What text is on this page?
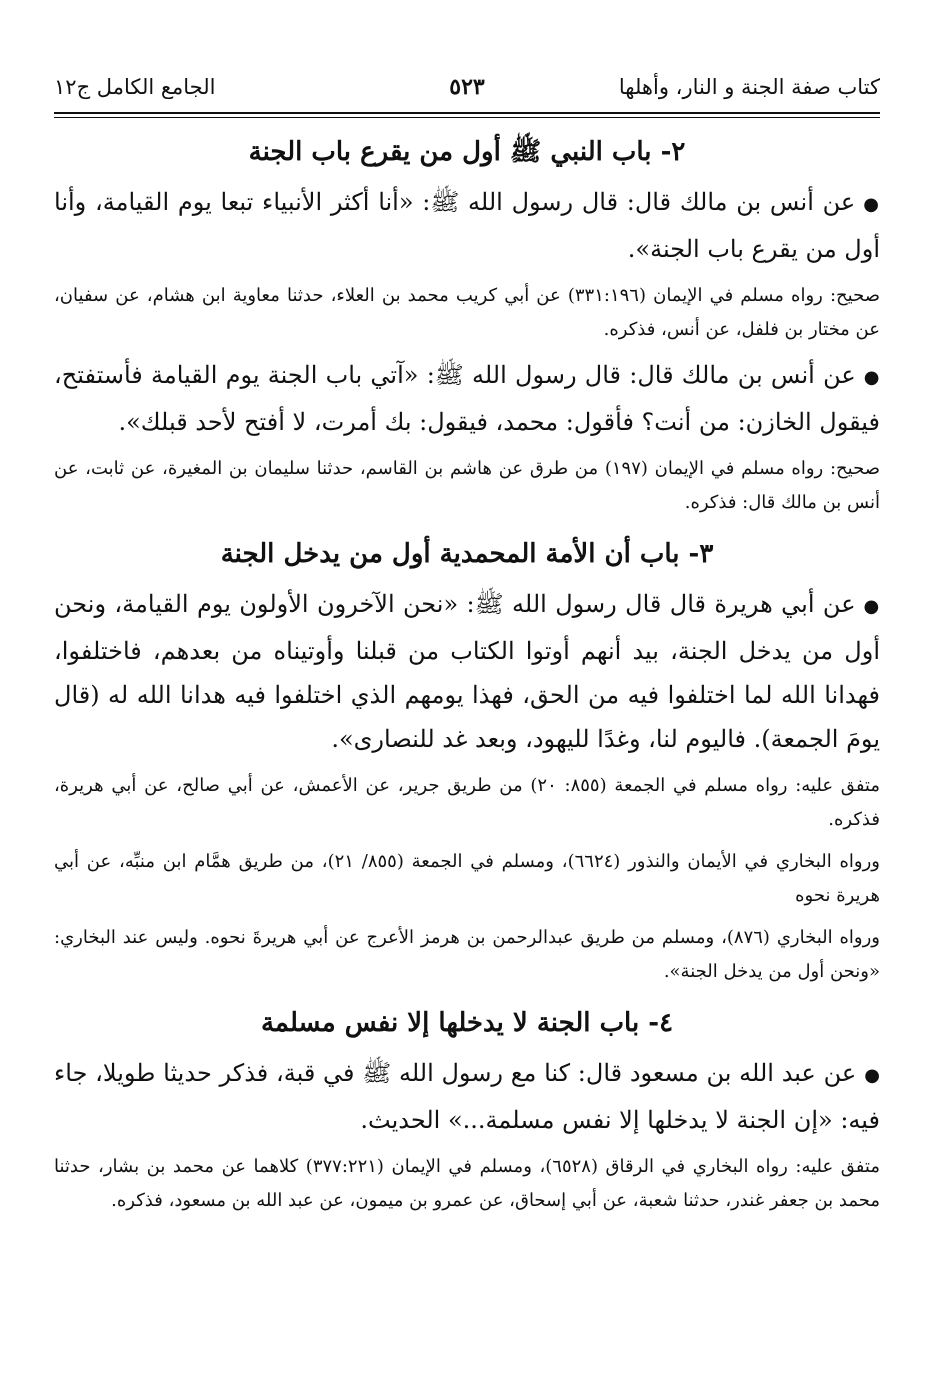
كتاب صفة الجنة و النار، وأهلها
٥٢٣
الجامع الكامل ج١٢
٢- باب النبي ﷺ أول من يقرع باب الجنة

●عن أنس بن مالك قال: قال رسول الله ﷺ: «أنا أكثر الأنبياء تبعا يوم القيامة، وأنا أول من يقرع باب الجنة».

صحيح: رواه مسلم في الإيمان (٣٣١:١٩٦) عن أبي كريب محمد بن العلاء، حدثنا معاوية ابن هشام، عن سفيان، عن مختار بن فلفل، عن أنس، فذكره.

●عن أنس بن مالك قال: قال رسول الله ﷺ: «آتي باب الجنة يوم القيامة فأستفتح، فيقول الخازن: من أنت؟ فأقول: محمد، فيقول: بك أمرت، لا أفتح لأحد قبلك».

صحيح: رواه مسلم في الإيمان (١٩٧) من طرق عن هاشم بن القاسم، حدثنا سليمان بن المغيرة، عن ثابت، عن أنس بن مالك قال: فذكره.

٣- باب أن الأمة المحمدية أول من يدخل الجنة

●عن أبي هريرة قال قال رسول الله ﷺ: «نحن الآخرون الأولون يوم القيامة، ونحن أول من يدخل الجنة، بيد أنهم أوتوا الكتاب من قبلنا وأوتيناه من بعدهم، فاختلفوا، فهدانا الله لما اختلفوا فيه من الحق، فهذا يومهم الذي اختلفوا فيه هدانا الله له (قال يومَ الجمعة). فاليوم لنا، وغدًا لليهود، وبعد غد للنصارى».

متفق عليه: رواه مسلم في الجمعة (٨٥٥: ٢٠) من طريق جرير، عن الأعمش، عن أبي صالح، عن أبي هريرة، فذكره.

ورواه البخاري في الأيمان والنذور (٦٦٢٤)، ومسلم في الجمعة (٨٥٥/ ٢١)، من طريق همَّام ابن منبِّه، عن أبي هريرة نحوه

ورواه البخاري (٨٧٦)، ومسلم من طريق عبدالرحمن بن هرمز الأعرج عن أبي هريرةَ نحوه. وليس عند البخاري: «ونحن أول من يدخل الجنة».

٤- باب الجنة لا يدخلها إلا نفس مسلمة

●عن عبد الله بن مسعود قال: كنا مع رسول الله ﷺ في قبة، فذكر حديثا طويلا، جاء فيه: «إن الجنة لا يدخلها إلا نفس مسلمة...» الحديث.

متفق عليه: رواه البخاري في الرقاق (٦٥٢٨)، ومسلم في الإيمان (٣٧٧:٢٢١) كلاهما عن محمد بن بشار، حدثنا محمد بن جعفر غندر، حدثنا شعبة، عن أبي إسحاق، عن عمرو بن ميمون، عن عبد الله بن مسعود، فذكره.
